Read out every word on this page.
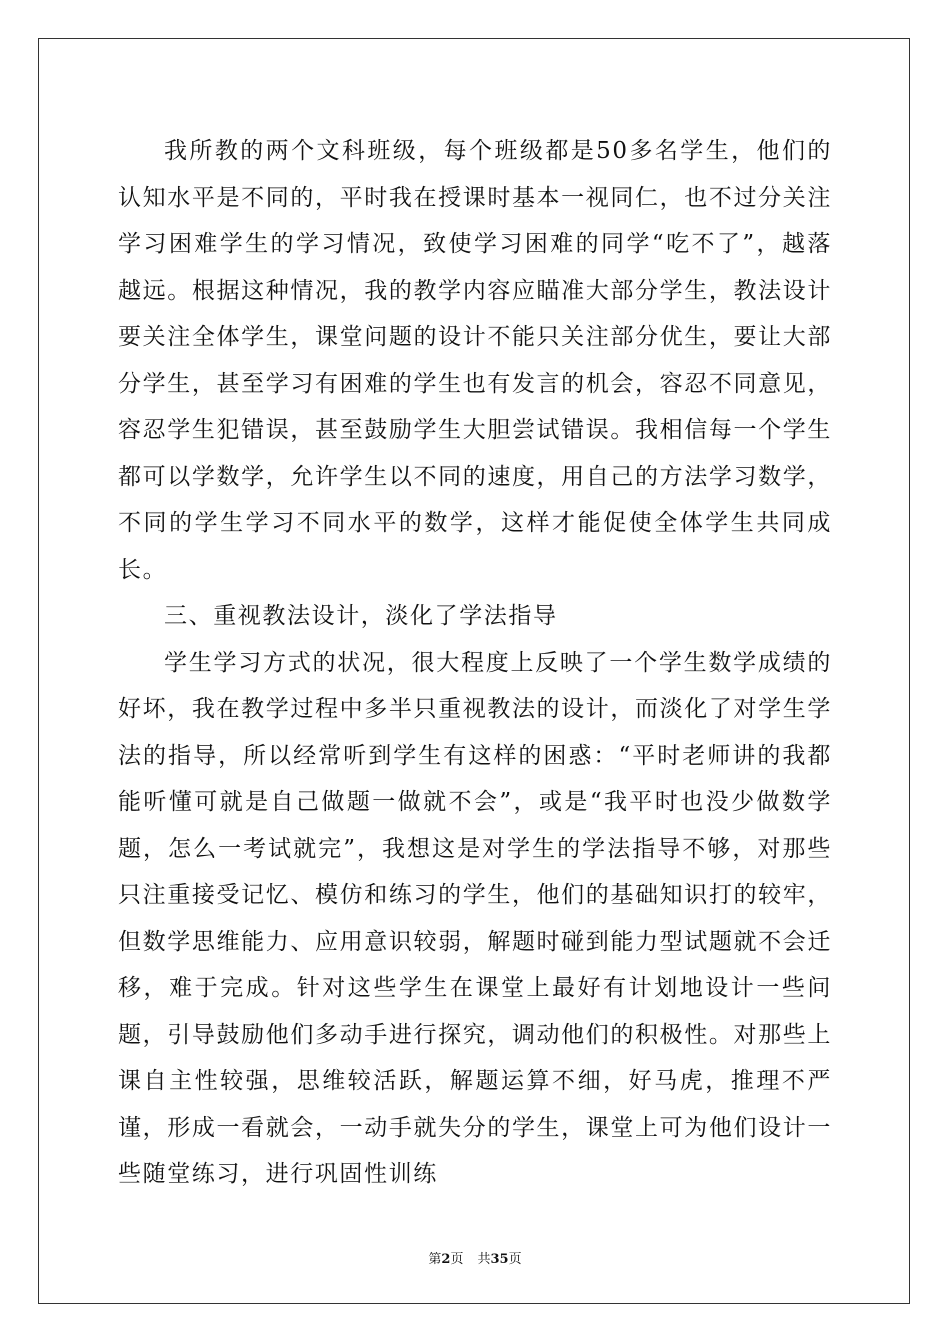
我所教的两个文科班级，每个班级都是50多名学生，他们的认知水平是不同的，平时我在授课时基本一视同仁，也不过分关注学习困难学生的学习情况，致使学习困难的同学“吃不了”，越落越远。根据这种情况，我的教学内容应瞄准大部分学生，教法设计要关注全体学生，课堂问题的设计不能只关注部分优生，要让大部分学生，甚至学习有困难的学生也有发言的机会，容忍不同意见，容忍学生犯错误，甚至鼓励学生大胆尝试错误。我相信每一个学生都可以学数学，允许学生以不同的速度，用自己的方法学习数学，不同的学生学习不同水平的数学，这样才能促使全体学生共同成长。

三、重视教法设计，淡化了学法指导

学生学习方式的状况，很大程度上反映了一个学生数学成绩的好坏，我在教学过程中多半只重视教法的设计，而淡化了对学生学法的指导，所以经常听到学生有这样的困惑：“平时老师讲的我都能听懂可就是自己做题一做就不会”，或是“我平时也没少做数学题，怎么一考试就完”，我想这是对学生的学法指导不够，对那些只注重接受记忆、模仿和练习的学生，他们的基础知识打的较牢，但数学思维能力、应用意识较弱，解题时碰到能力型试题就不会迁移，难于完成。针对这些学生在课堂上最好有计划地设计一些问题，引导鼓励他们多动手进行探究，调动他们的积极性。对那些上课自主性较强，思维较活跃，解题运算不细，好马虎，推理不严谨，形成一看就会，一动手就失分的学生，课堂上可为他们设计一些随堂练习，进行巩固性训练

第2页 共35页
